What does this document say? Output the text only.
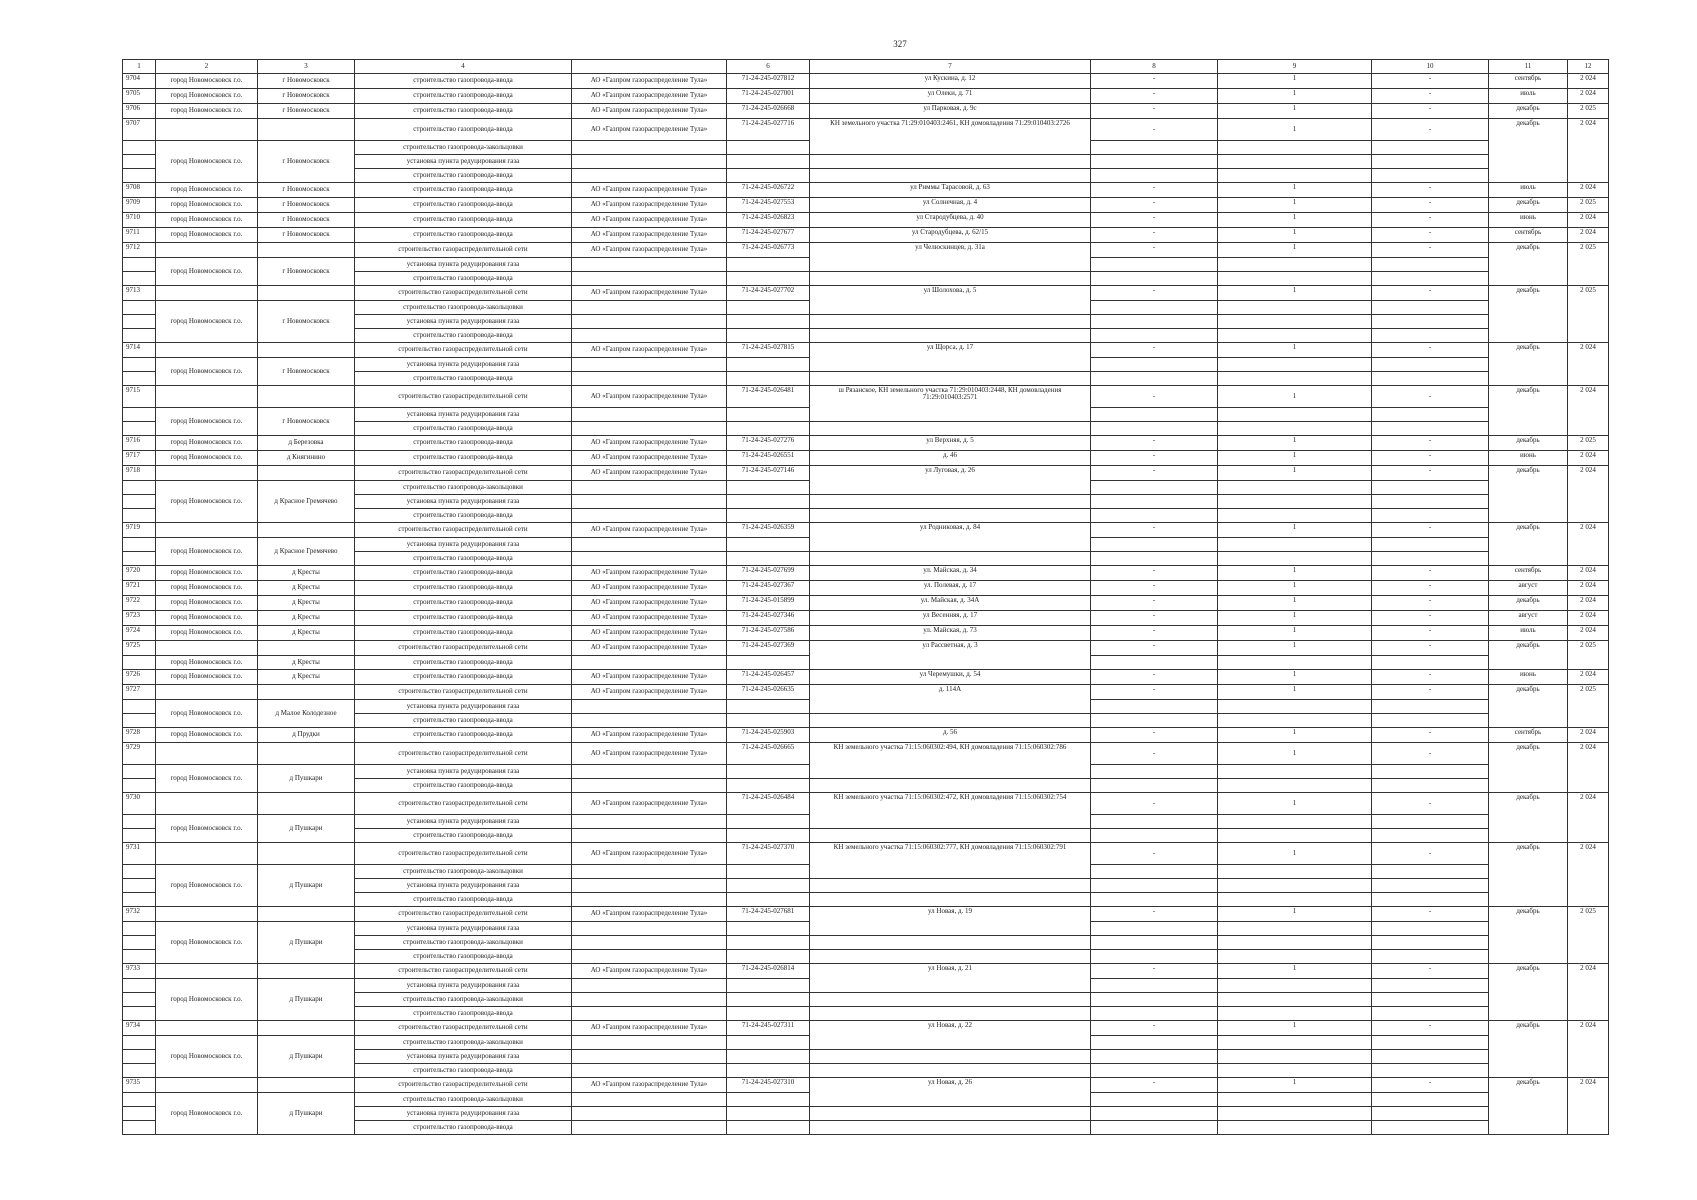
327
1	2	3	4		6	7	8	9	10	11	12
9704	город Новомосковск г.о.	г Новомосковск	строительство газопровода-ввода	АО «Газпром газораспределение Тула»	71-24-245-027812	ул Кускина, д. 12	-	1	-	сентябрь	2 024
9705	город Новомосковск г.о.	г Новомосковск	строительство газопровода-ввода	АО «Газпром газораспределение Тула»	71-24-245-027001	ул Олеки, д. 71	-	1	-	июль	2 024
9706	город Новомосковск г.о.	г Новомосковск	строительство газопровода-ввода	АО «Газпром газораспределение Тула»	71-24-245-026668	ул Парковая, д. 9с	-	1	-	декабрь	2 025
9707			строительство газопровода-ввода	АО «Газпром газораспределение Тула»	71-24-245-027716	КН земельного участка 71:29:010403:2461, КН домовладения 71:29:010403:2726	-	1	-	декабрь	2 024
	город Новомосковск г.о.	г Новомосковск	строительство газопровода-закольцовки								
			установка пункта редуцирования газа								
			строительство газопровода-ввода								
9708	город Новомосковск г.о.	г Новомосковск	строительство газопровода-ввода	АО «Газпром газораспределение Тула»	71-24-245-026722	ул Риммы Тарасовой, д. 63	-	1	-	июль	2 024
9709	город Новомосковск г.о.	г Новомосковск	строительство газопровода-ввода	АО «Газпром газораспределение Тула»	71-24-245-027553	ул Солнечная, д. 4	-	1	-	декабрь	2 025
9710	город Новомосковск г.о.	г Новомосковск	строительство газопровода-ввода	АО «Газпром газораспределение Тула»	71-24-245-026823	ул Стародубцева, д. 40	-	1	-	июнь	2 024
9711	город Новомосковск г.о.	г Новомосковск	строительство газопровода-ввода	АО «Газпром газораспределение Тула»	71-24-245-027677	ул Стародубцева, д. 62/15	-	1	-	сентябрь	2 024
9712			строительство газораспределительной сети	АО «Газпром газораспределение Тула»	71-24-245-026773	ул Челюскинцев, д. 31а	-	1	-	декабрь	2 025
	город Новомосковск г.о.	г Новомосковск	установка пункта редуцирования газа								
			строительство газопровода-ввода								
9713			строительство газораспределительной сети	АО «Газпром газораспределение Тула»	71-24-245-027702	ул Шолохова, д. 5	-	1	-	декабрь	2 025
	город Новомосковск г.о.	г Новомосковск	строительство газопровода-закольцовки								
			установка пункта редуцирования газа								
			строительство газопровода-ввода								
9714			строительство газораспределительной сети	АО «Газпром газораспределение Тула»	71-24-245-027815	ул Щорса, д. 17	-	1	-	декабрь	2 024
	город Новомосковск г.о.	г Новомосковск	установка пункта редуцирования газа								
			строительство газопровода-ввода								
9715			строительство газораспределительной сети	АО «Газпром газораспределение Тула»	71-24-245-026481	ш Рязанское, КН земельного участка 71:29:010403:2448, КН домовладения 71:29:010403:2571	-	1	-	декабрь	2 024
	город Новомосковск г.о.	г Новомосковск	установка пункта редуцирования газа								
			строительство газопровода-ввода								
9716	город Новомосковск г.о.	д Березовка	строительство газопровода-ввода	АО «Газпром газораспределение Тула»	71-24-245-027276	ул Верхняя, д. 5	-	1	-	декабрь	2 025
9717	город Новомосковск г.о.	д Княгинино	строительство газопровода-ввода	АО «Газпром газораспределение Тула»	71-24-245-026551	д. 46	-	1	-	июнь	2 024
9718			строительство газораспределительной сети	АО «Газпром газораспределение Тула»	71-24-245-027146	ул Луговая, д. 26	-	1	-	декабрь	2 024
	город Новомосковск г.о.	д Красное Гремячево	строительство газопровода-закольцовки								
			установка пункта редуцирования газа								
			строительство газопровода-ввода								
9719			строительство газораспределительной сети	АО «Газпром газораспределение Тула»	71-24-245-026359	ул Родниковая, д. 84	-	1	-	декабрь	2 024
	город Новомосковск г.о.	д Красное Гремячево	установка пункта редуцирования газа								
			строительство газопровода-ввода								
9720	город Новомосковск г.о.	д Кресты	строительство газопровода-ввода	АО «Газпром газораспределение Тула»	71-24-245-027699	ул. Майская, д. 34	-	1	-	сентябрь	2 024
9721	город Новомосковск г.о.	д Кресты	строительство газопровода-ввода	АО «Газпром газораспределение Тула»	71-24-245-027367	ул. Полевая, д. 17	-	1	-	август	2 024
9722	город Новомосковск г.о.	д Кресты	строительство газопровода-ввода	АО «Газпром газораспределение Тула»	71-24-245-015899	ул. Майская, д. 34А	-	1	-	декабрь	2 024
9723	город Новомосковск г.о.	д Кресты	строительство газопровода-ввода	АО «Газпром газораспределение Тула»	71-24-245-027346	ул Весенняя, д. 17	-	1	-	август	2 024
9724	город Новомосковск г.о.	д Кресты	строительство газопровода-ввода	АО «Газпром газораспределение Тула»	71-24-245-027586	ул. Майская, д. 73	-	1	-	июль	2 024
9725			строительство газораспределительной сети	АО «Газпром газораспределение Тула»	71-24-245-027369	ул Рассветная, д. 3	-	1	-	декабрь	2 025
	город Новомосковск г.о.	д Кресты	строительство газопровода-ввода								
9726	город Новомосковск г.о.	д Кресты	строительство газопровода-ввода	АО «Газпром газораспределение Тула»	71-24-245-026457	ул Черемушки, д. 54	-	1	-	июнь	2 024
9727			строительство газораспределительной сети	АО «Газпром газораспределение Тула»	71-24-245-026635	д. 114А	-	1	-	декабрь	2 025
	город Новомосковск г.о.	д Малое Колодезное	установка пункта редуцирования газа								
			строительство газопровода-ввода								
9728	город Новомосковск г.о.	д Прудки	строительство газопровода-ввода	АО «Газпром газораспределение Тула»	71-24-245-025903	д. 56	-	1	-	сентябрь	2 024
9729			строительство газораспределительной сети	АО «Газпром газораспределение Тула»	71-24-245-026665	КН земельного участка 71:15:060302:494, КН домовладения 71:15:060302:786	-	1	-	декабрь	2 024
	город Новомосковск г.о.	д Пушкари	установка пункта редуцирования газа								
			строительство газопровода-ввода								
9730			строительство газораспределительной сети	АО «Газпром газораспределение Тула»	71-24-245-026484	КН земельного участка 71:15:060302:472, КН домовладения 71:15:060302:754	-	1	-	декабрь	2 024
	город Новомосковск г.о.	д Пушкари	установка пункта редуцирования газа								
			строительство газопровода-ввода								
9731			строительство газораспределительной сети	АО «Газпром газораспределение Тула»	71-24-245-027370	КН земельного участка 71:15:060302:777, КН домовладения 71:15:060302:791	-	1	-	декабрь	2 024
	город Новомосковск г.о.	д Пушкари	строительство газопровода-закольцовки								
			установка пункта редуцирования газа								
			строительство газопровода-ввода								
9732			строительство газораспределительной сети	АО «Газпром газораспределение Тула»	71-24-245-027681	ул Новая, д. 19	-	1	-	декабрь	2 025
	город Новомосковск г.о.	д Пушкари	установка пункта редуцирования газа								
			строительство газопровода-закольцовки								
			строительство газопровода-ввода								
9733			строительство газораспределительной сети	АО «Газпром газораспределение Тула»	71-24-245-026814	ул Новая, д. 21	-	1	-	декабрь	2 024
	город Новомосковск г.о.	д Пушкари	установка пункта редуцирования газа								
			строительство газопровода-закольцовки								
			строительство газопровода-ввода								
9734			строительство газораспределительной сети	АО «Газпром газораспределение Тула»	71-24-245-027311	ул Новая, д. 22	-	1	-	декабрь	2 024
	город Новомосковск г.о.	д Пушкари	строительство газопровода-закольцовки								
			установка пункта редуцирования газа								
			строительство газопровода-ввода								
9735			строительство газораспределительной сети	АО «Газпром газораспределение Тула»	71-24-245-027310	ул Новая, д. 26	-	1	-	декабрь	2 024
	город Новомосковск г.о.	д Пушкари	строительство газопровода-закольцовки								
			установка пункта редуцирования газа								
			строительство газопровода-ввода								
